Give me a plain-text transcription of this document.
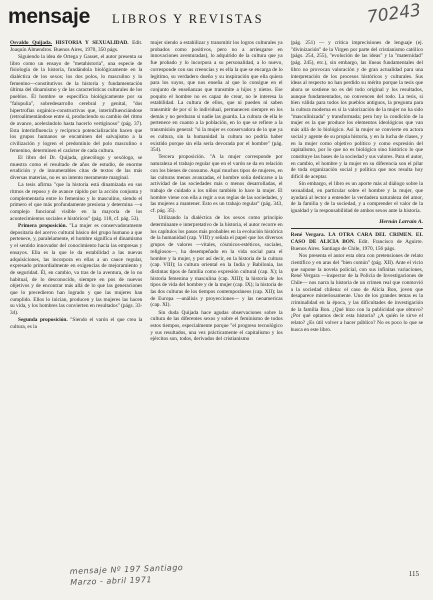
mensaje LIBROS Y REVISTAS	70243

Osvaldo Quijada. HISTORIA Y SEXUALIDAD. Edit. Joaquín Almendros. Buenos Aires, 1970, 350 págs.

Siguiendo la idea de Ortega y Gasset, el autor presenta su libro como un ensayo de "metahistoria", una especie de fisiología de la historia, fundándola biológicamente en la dialéctica de los sexos; los dos polos, lo masculino y lo femenino—constitutivos de la historia y fundamentación última del dinamismo y de las características culturales de los pueblos. Él hombre se especifica biológicamente por su "falopulia", sobredesarrollo cerebral y genital, "dos hipertrofias orgánico-constructivas que, interinfluenciándose (retroalimentándose entre sí, produciendo su cambio del ritmo de avance, acelerándolo hasta hacerlo vertiginoso" (pág. 37). Esta interinfluencia y recíproca potencialización hacen que los grupos humanos se encaminen del salvajismo a la civilización y logren el predominio del polo masculino o femenino, determinen el carácter de cada cultura.

El libro del Dr. Quijada, ginecólogo y sexólogo, se muestra como el resultado de años de estudio, de enorme erudición y de innumerables citas de textos de las más diversas materias, no es un intento meramente marginal.

La tesis afirma "que la historia está dinamizada en sus ritmos de reposo y de avance rápido por la acción conjunta y complementaria entre lo femenino y lo masculino, siendo el primero el que más profundamente presiona y determina —o complejo funcional visible en la mayoría de los acontecimientos sociales e históricos" (pág. 118, cf. pág. 53).

Primera proposición. "La mujer es conservadoramente depositaria del acervo cultural básico del grupo humano a que pertenece, y, paralelamente, el hombre significa el dinamismo y el sentido innovador del conocimiento hacia las empresas y ensayos. Ella es la que le da estabilidad a las nuevas adquisiciones, las incorpora en ellas a un cauce regular, expresado primordialmente en exigencias de mejoramiento y de seguridad. Él, en cambio, va tras de la aventura, de lo no habitual, de lo desconocido, siempre en pos de nuevos objetivos y de encontrar más allá de lo que las generaciones que lo precedieron han logrado y que las mujeres han cumplido. Ellos lo inician, producen y las mujeres las hacen su vida, y los hombres las convierten en resultados" (págs. 33-34).

Segunda proposición. "Siendo el varón el que crea la cultura, es la

mujer siendo a estabilizar y transmitir los logros culturales ya probados como positivos, pero no a arriesgarse en innovaciones aventuradas), lo adquirido de la cultura que ya fue probado y lo incorpora a su personalidad, a lo nuevo, corresponde con sus creencias y es ella la que se encarga de lo legítimo, su verdadero dueño y su inspiración que ella quiera para los suyos, que nos enseña al que lo consigue en el conjunto de enseñanzas que transmite a hijos y nietos. Ese poquito el hombre no es capaz de crear, no le interesa la estabilidad. La cultura de ellos, que ni pueden ni saben transmitir de por sí lo individual, permanecen siempre en los demás y no perduran si nadie las guarda. La cultura de ella le pertenece en cuanto a la población, en lo que se refiere a la transmisión general: "si la mujer es conservadora de lo que ya es cultura, sin la humanidad la cultura no podría haber existido porque sin ella sería devorada por el hombre" (pág. 354).

Tercera proposición. "A la mujer corresponde por naturaleza el trabajo regular que en el varón se da en relación con los bienes de consumo. Aquí muchos tipos de mujeres, en las culturas menos avanzadas, el hombre solía dedicarse a la actividad de las sociedades más o menos desarrolladas, el trabajo de cuidado a los niños también lo hace la mujer. El hombre viene con ella a regir a sus reglas de las sociedades, y las mujeres a mantener. Esto es un trabajo regular" (pág. 343, cf. pág. 35).

Utilizando la dialéctica de los sexos como principio determinante e interpretativo de la historia, el autor recorre en los capítulos los pasos más probables en la evolución histórica de la humanidad (cap. VIII) y señala el papel que los diversos grupos de valores —vitales, cósmicos-estéticos, sociales, religiosos—, ha desempeñado en la vida social para el hombre y la mujer, y por así decir, en la historia de la cultura (cap. VIII); la cultura oriental en la India y Babilonia, las distintas tipos de familia como expresión cultural (cap. X); la historia femenina y masculina (cap. XIII); la historia de los tipos de vida del hombre y de la mujer (cap. IX); la historia de las dos culturas de los tiempos contemporáneos (cap. XII); las de Europa —análisis y proyecciones— y las neoamericas (cap. XI).

Sin duda Quijada hace agudas observaciones sobre la cultura de las diferentes sexos y sobre el feminismo de todos estos tiempos, especialmente porque "el progreso tecnológico y sus resultados, una vez prácticamente el capitalismo y los ejércitos son, todos, derivados del cristianismo

(pág. 251) — y critica imprecisiones de lenguaje (ej. "divinización" de la Virgen por parte del cristianismo católico (págs. 254, 255), "evolución de las ideas" y la "maternidad" (pág. 245), etc.), sin embargo, las líneas fundamentales del libro no provocan valoración y de gran actualidad para una interpretación de los procesos históricos y culturales. Sus ideas al respecto no han perdido su mérito porque la tesis que ahora se sostiene no es del todo original y los resultados, aunque fundamentados, no convencen del todo. La tesis, si bien válida para todos los pueblos antiguos, la pregunta para la cultura moderna es si la valorización de la mujer no ha sido "masculinizada" y transformada; pero hoy la condición de la mujer es la que produce los elementos ideológicos que van más allá de lo biológico. Así la mujer se convierte en actora social y agente de su propia historia, y en la lucha de clases, y en la mujer como objetivo político y como expresión del capitalismo, por lo que no es biológico sino histórico lo que constituye las bases de la sociedad y sus valores. Para el autor, en cambio, el hombre y la mujer en su diferencia son el pilar de toda organización social y política que nos resulta hoy difícil de aceptar.

Sin embargo, el libro es un aporte más al diálogo sobre la sexualidad, en particular sobre el hombre y la mujer, que ayudará al lector a entender la verdadera naturaleza del amor, de la familia y de la sociedad, y a comprender el valor de la igualdad y la responsabilidad de ambos sexos ante la historia.

Hernán Larraín A.

René Vergara. LA OTRA CARA DEL CRIMEN. EL CASO DE ALICIA BON. Edit. Francisco de Aguirre. Buenos Aires. Santiago de Chile, 1970, 156 págs.

Nos presenta el autor esta obra con pretensiones de relato científico y en aras del "bien común" (pág. XII). Ante el vicio que supone la novela policial, con sus infinitas variaciones, René Vergara —inspector de la Policía de Investigaciones de Chile— nos narra la historia de un crimen real que conmovió a la sociedad chilena: el caso de Alicia Bon, joven que desaparece misteriosamente. Uno de los grandes temas es la criminalidad en la época, y las dificultades de investigación de la familia Bon. ¿Qué hizo con la publicidad que obtuvo? ¿Por qué optamos decir esta historia? ¿A quién le sirve el relato? ¿Es útil volver a hacer público? No es poco lo que se busca en este libro.

mensaje Nº 197 Santiago
Marzo - abril 1971
115
